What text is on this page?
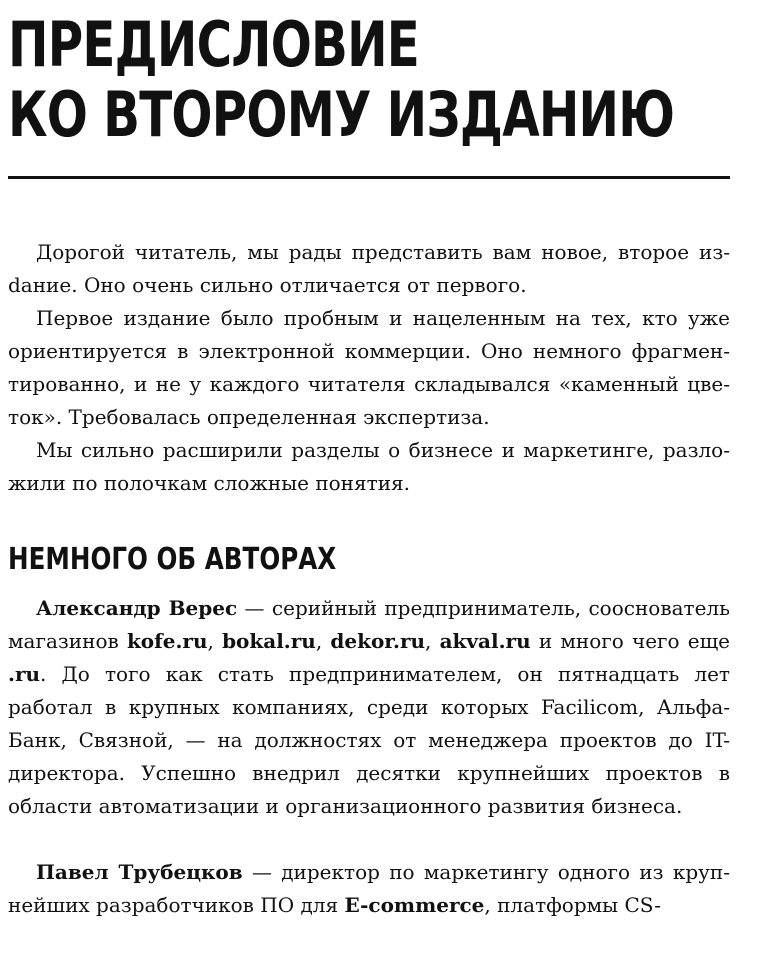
ПРЕДИСЛОВИЕ
КО ВТОРОМУ ИЗДАНИЮ

Дорогой читатель, мы рады представить вам новое, второе изdание. Оно очень сильно отличается от первого.

Первое издание было пробным и нацеленным на тех, кто уже ориентируется в электронной коммерции. Оно немного фрагментированно, и не у каждого читателя складывался «каменный цветок». Требовалась определенная экспертиза.

Мы сильно расширили разделы о бизнесе и маркетинге, разложили по полочкам сложные понятия.

НЕМНОГО ОБ АВТОРАХ

Александр Верес — серийный предприниматель, сооснователь магазинов kofe.ru, bokal.ru, dekor.ru, akval.ru и много чего еще .ru. До того как стать предпринимателем, он пятнадцать лет работал в крупных компаниях, среди которых Facilicom, Альфа-Банк, Связной, — на должностях от менеджера проектов до IT-директора. Успешно внедрил десятки крупнейших проектов в области автоматизации и организационного развития бизнеса.

Павел Трубецков — директор по маркетингу одного из крупнейших разработчиков ПО для E-commerce, платформы CS-
